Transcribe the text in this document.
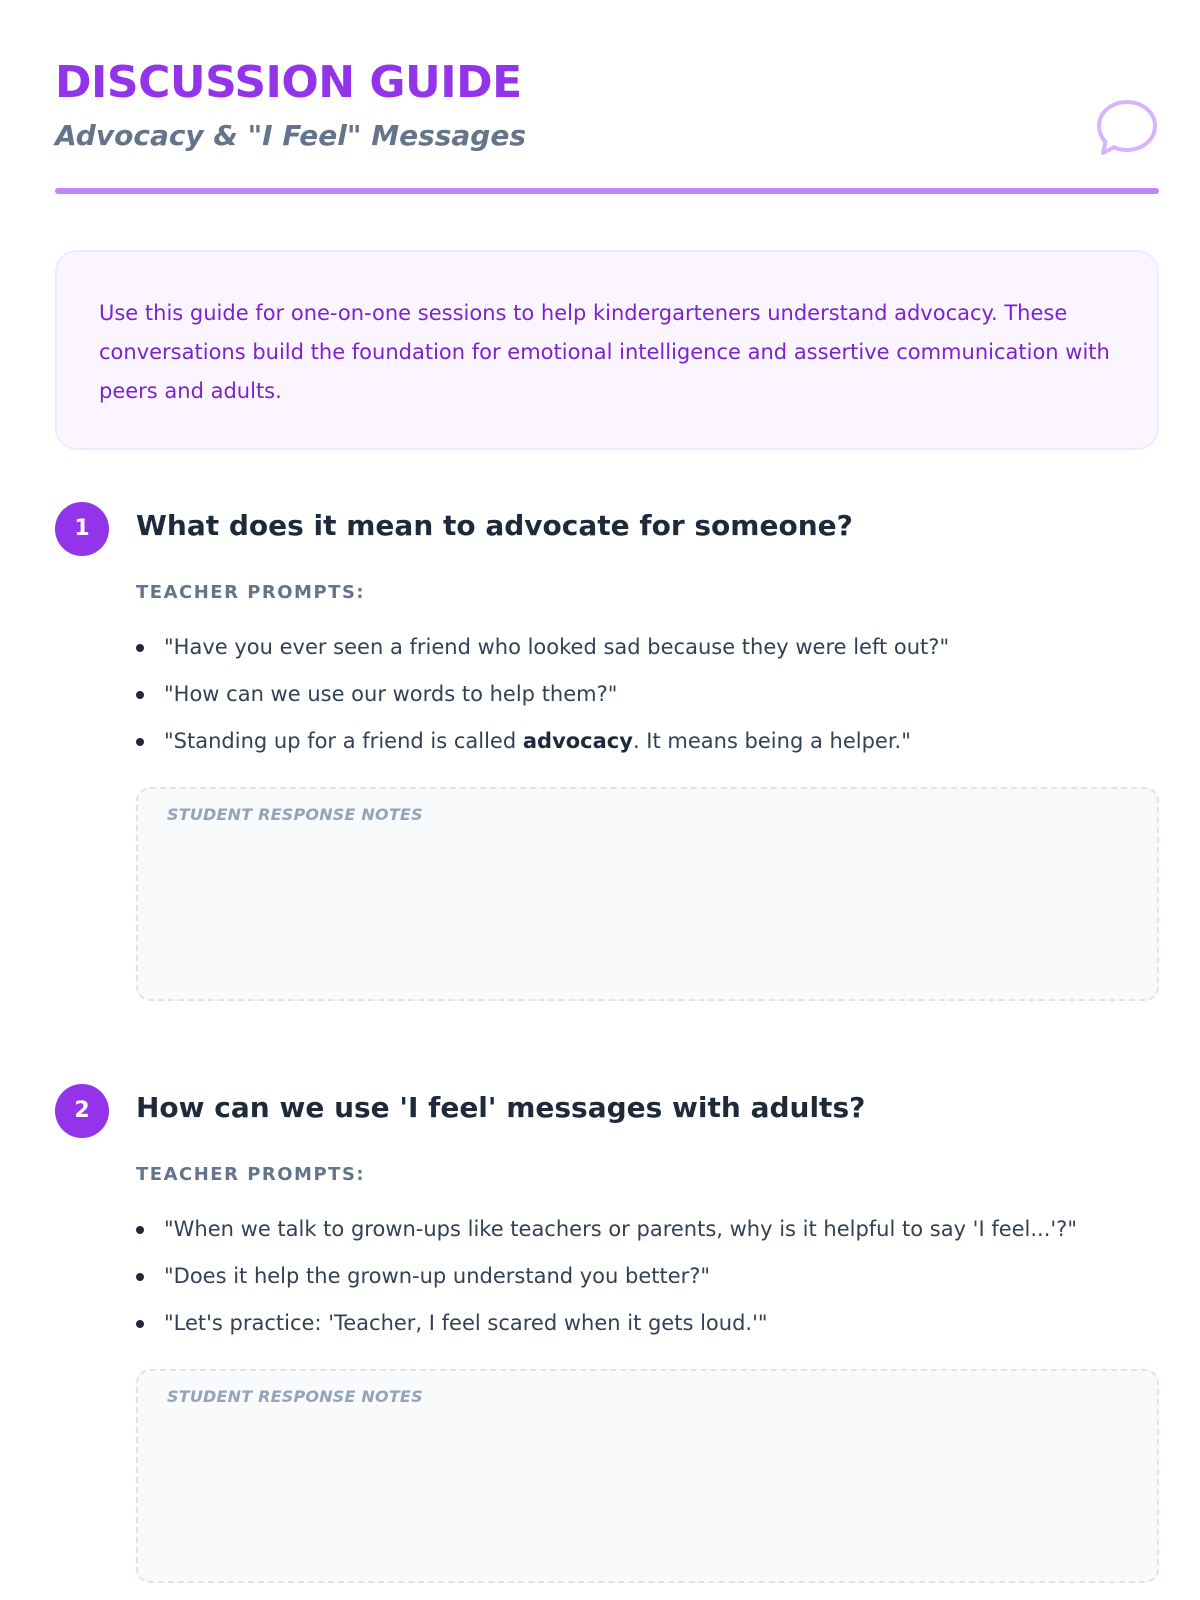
DISCUSSION GUIDE
Advocacy & "I Feel" Messages

Use this guide for one-on-one sessions to help kindergarteners understand advocacy. These conversations build the foundation for emotional intelligence and assertive communication with peers and adults.

1	What does it mean to advocate for someone?

TEACHER PROMPTS:

"Have you ever seen a friend who looked sad because they were left out?"
"How can we use our words to help them?"
"Standing up for a friend is called advocacy. It means being a helper."

STUDENT RESPONSE NOTES

2	How can we use 'I feel' messages with adults?

TEACHER PROMPTS:

"When we talk to grown-ups like teachers or parents, why is it helpful to say 'I feel...'?"
"Does it help the grown-up understand you better?"
"Let's practice: 'Teacher, I feel scared when it gets loud.'"

STUDENT RESPONSE NOTES
